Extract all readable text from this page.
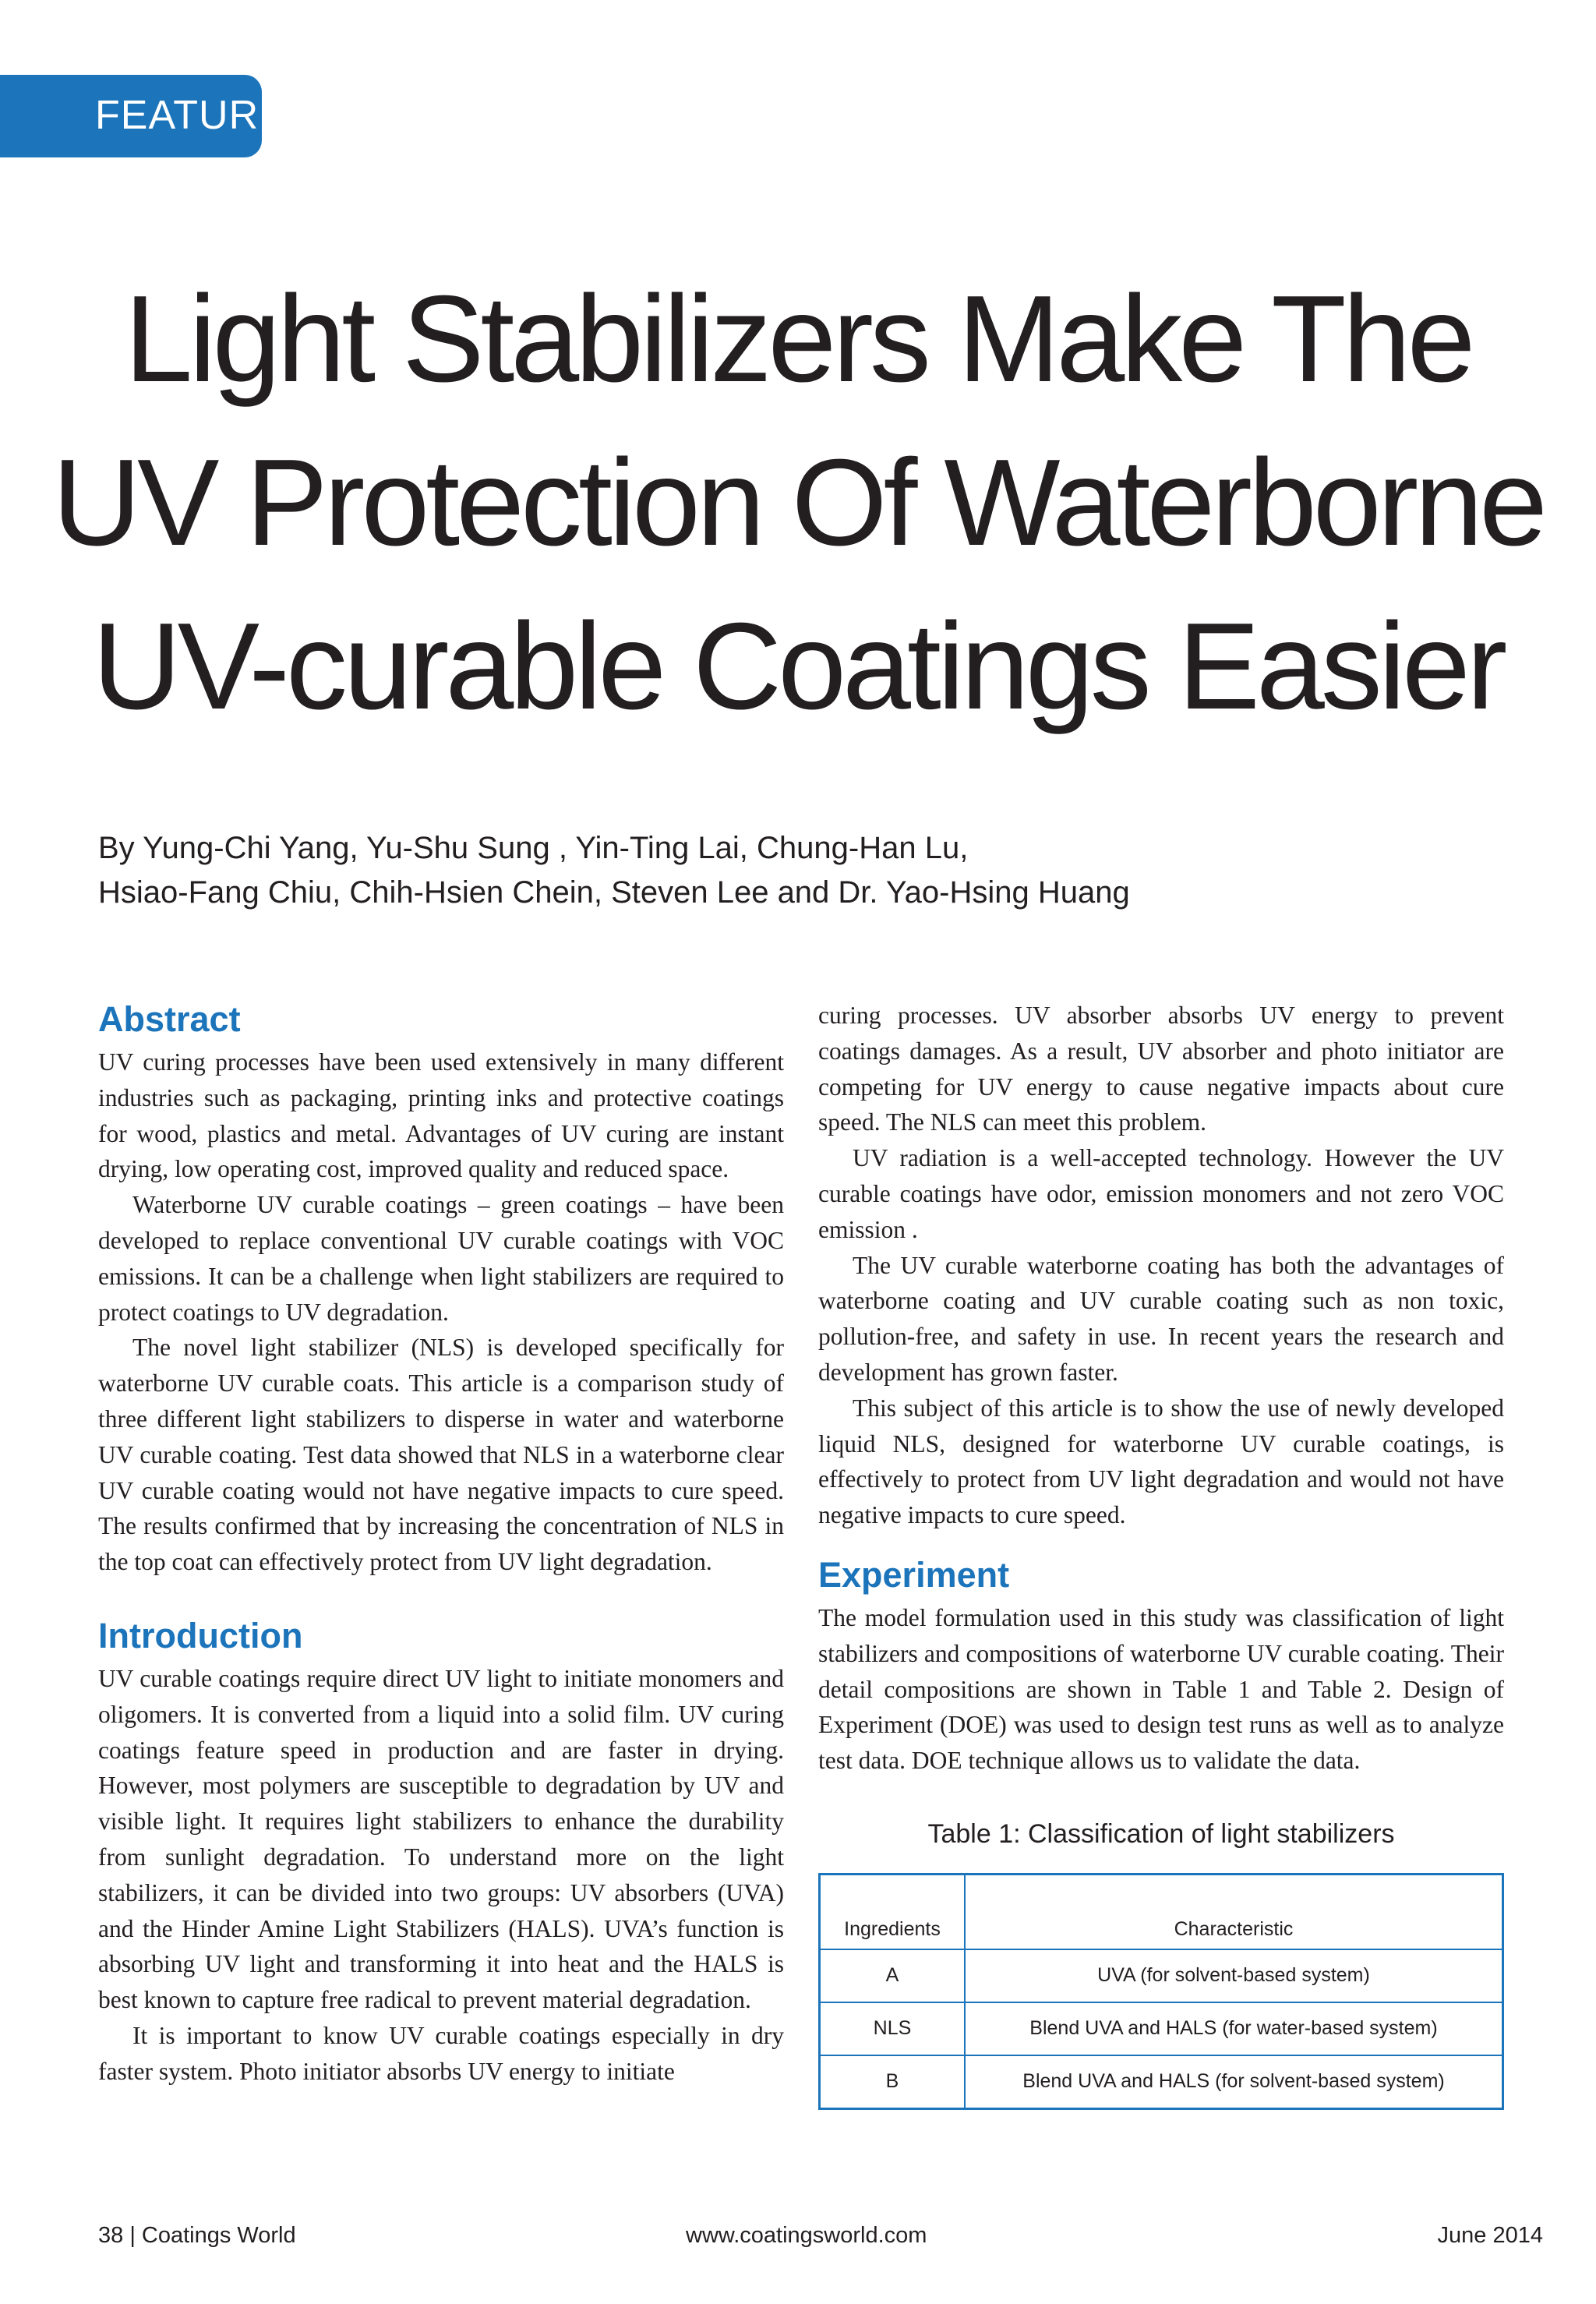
FEATURE
Light Stabilizers Make The
UV Protection Of Waterborne
UV-curable Coatings Easier
By Yung-Chi Yang, Yu-Shu Sung , Yin-Ting Lai, Chung-Han Lu,
Hsiao-Fang Chiu, Chih-Hsien Chein, Steven Lee and Dr. Yao-Hsing Huang
Abstract

UV curing processes have been used extensively in many different industries such as packaging, printing inks and protective coatings for wood, plastics and metal. Advantages of UV curing are instant drying, low operating cost, improved quality and reduced space.

Waterborne UV curable coatings – green coatings – have been developed to replace conventional UV curable coatings with VOC emissions. It can be a challenge when light stabilizers are required to protect coatings to UV degradation.

The novel light stabilizer (NLS) is developed specifically for waterborne UV curable coats. This article is a comparison study of three different light stabilizers to disperse in water and waterborne UV curable coating. Test data showed that NLS in a waterborne clear UV curable coating would not have negative impacts to cure speed. The results confirmed that by increasing the concentration of NLS in the top coat can effectively protect from UV light degradation.

Introduction

UV curable coatings require direct UV light to initiate monomers and oligomers. It is converted from a liquid into a solid film. UV curing coatings feature speed in production and are faster in drying. However, most polymers are susceptible to degradation by UV and visible light. It requires light stabilizers to enhance the durability from sunlight degradation. To understand more on the light stabilizers, it can be divided into two groups: UV absorbers (UVA) and the Hinder Amine Light Stabilizers (HALS). UVA’s function is absorbing UV light and transforming it into heat and the HALS is best known to capture free radical to prevent material degradation.

It is important to know UV curable coatings especially in dry faster system. Photo initiator absorbs UV energy to initiate

curing processes. UV absorber absorbs UV energy to prevent coatings damages. As a result, UV absorber and photo initiator are competing for UV energy to cause negative impacts about cure speed. The NLS can meet this problem.

UV radiation is a well-accepted technology. However the UV curable coatings have odor, emission monomers and not zero VOC emission .

The UV curable waterborne coating has both the advantages of waterborne coating and UV curable coating such as non toxic, pollution-free, and safety in use. In recent years the research and development has grown faster.

This subject of this article is to show the use of newly developed liquid NLS, designed for waterborne UV curable coatings, is effectively to protect from UV light degradation and would not have negative impacts to cure speed.

Experiment

The model formulation used in this study was classification of light stabilizers and compositions of waterborne UV curable coating. Their detail compositions are shown in Table 1 and Table 2. Design of Experiment (DOE) was used to design test runs as well as to analyze test data. DOE technique allows us to validate the data.

Table 1: Classification of light stabilizers
Ingredients	Characteristic
A	UVA (for solvent-based system)
NLS	Blend UVA and HALS (for water-based system)
B	Blend UVA and HALS (for solvent-based system)
38 | Coatings World	www.coatingsworld.com	June 2014
